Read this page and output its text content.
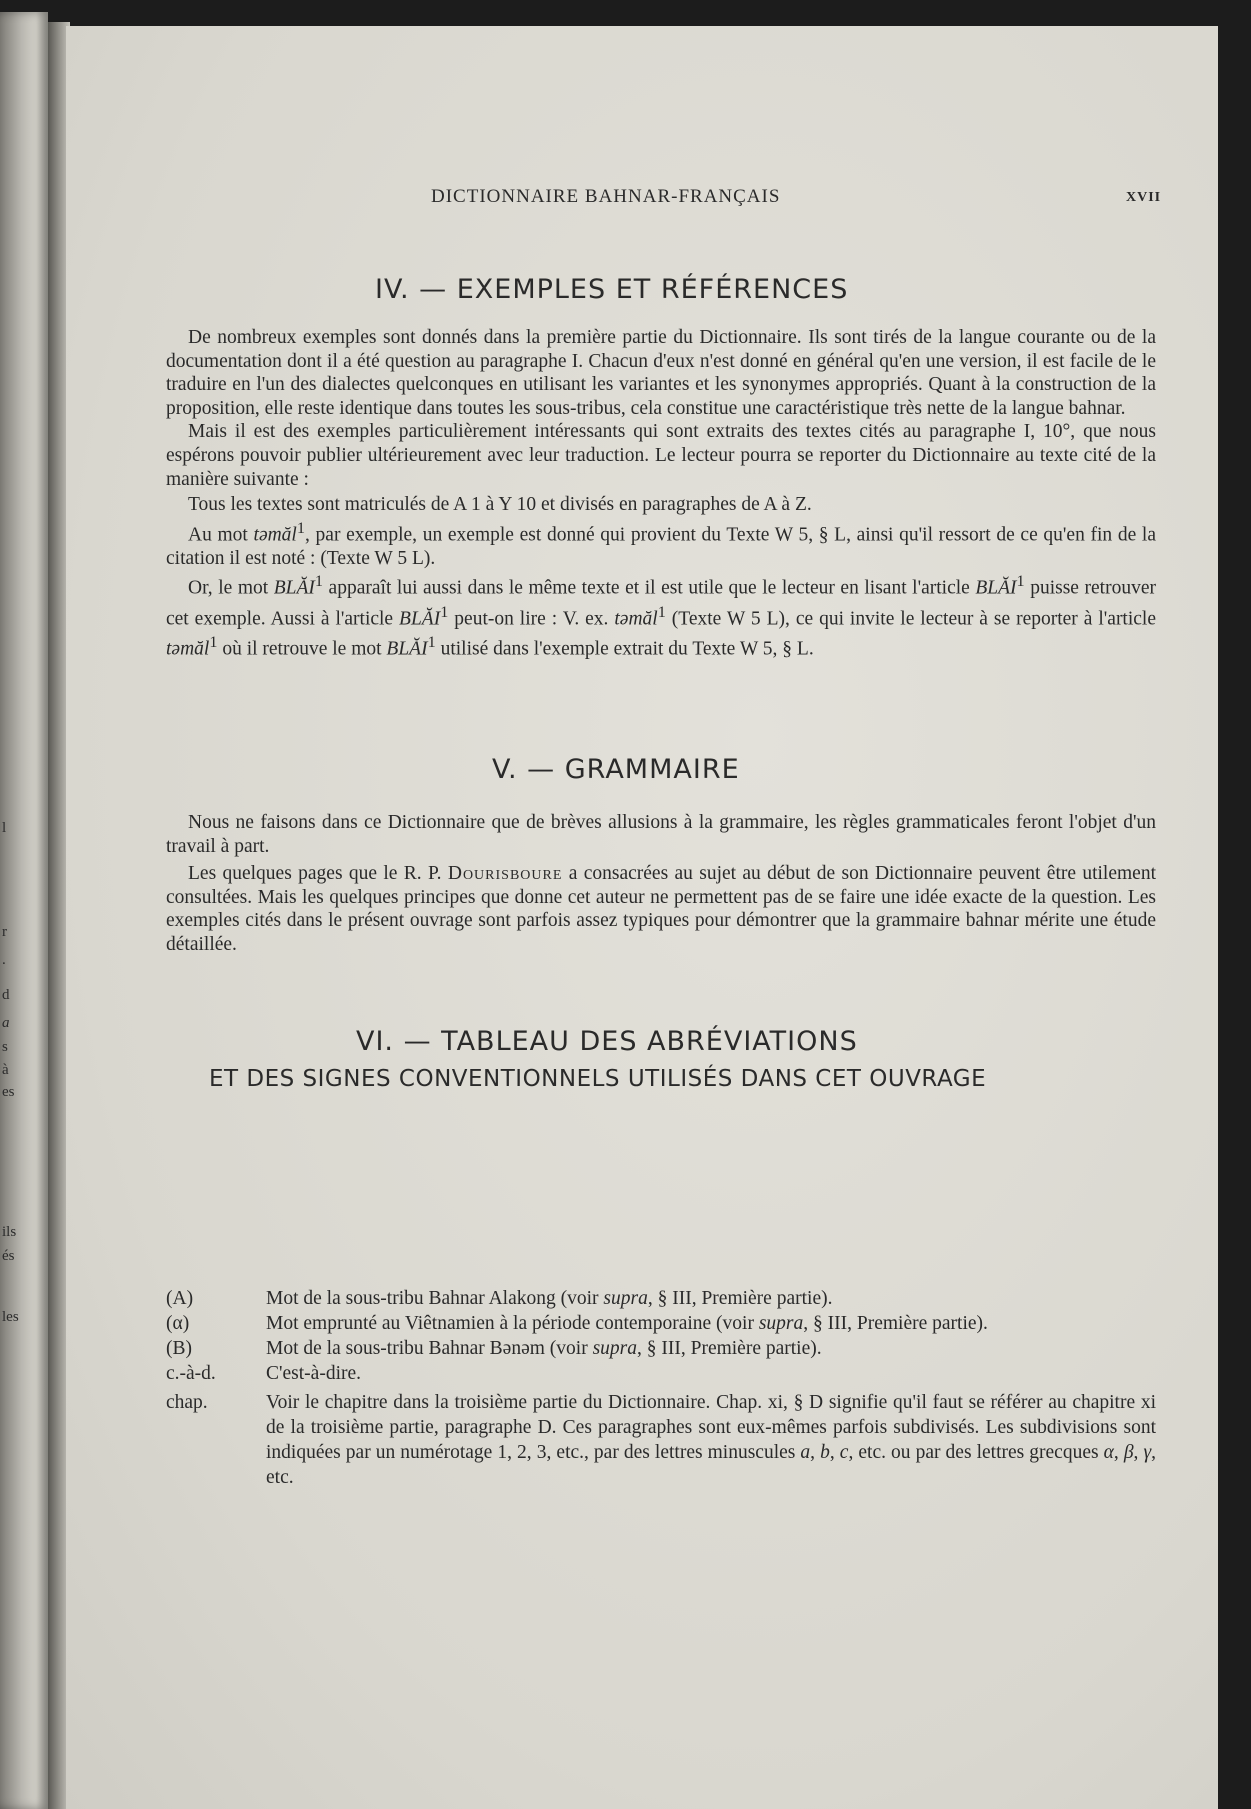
l
r
.
d
a
s
à
es
ils
és
les
DICTIONNAIRE BAHNAR-FRANÇAIS	XVII
IV. — EXEMPLES ET RÉFÉRENCES

De nombreux exemples sont donnés dans la première partie du Dictionnaire. Ils sont tirés de la langue courante ou de la documentation dont il a été question au paragraphe I. Chacun d'eux n'est donné en général qu'en une version, il est facile de le traduire en l'un des dialectes quelconques en utilisant les variantes et les synonymes appropriés. Quant à la construction de la proposition, elle reste identique dans toutes les sous-tribus, cela constitue une caractéristique très nette de la langue bahnar.

Mais il est des exemples particulièrement intéressants qui sont extraits des textes cités au paragraphe I, 10°, que nous espérons pouvoir publier ultérieurement avec leur traduction. Le lecteur pourra se reporter du Dictionnaire au texte cité de la manière suivante :

Tous les textes sont matriculés de A 1 à Y 10 et divisés en paragraphes de A à Z.

Au mot təmăl$^1$, par exemple, un exemple est donné qui provient du Texte W 5, § L, ainsi qu'il ressort de ce qu'en fin de la citation il est noté : (Texte W 5 L).

Or, le mot BLĂI$^1$ apparaît lui aussi dans le même texte et il est utile que le lecteur en lisant l'article BLĂI$^1$ puisse retrouver cet exemple. Aussi à l'article BLĂI$^1$ peut-on lire : V. ex. təmăl$^1$ (Texte W 5 L), ce qui invite le lecteur à se reporter à l'article təmăl$^1$ où il retrouve le mot BLĂI$^1$ utilisé dans l'exemple extrait du Texte W 5, § L.

V. — GRAMMAIRE

Nous ne faisons dans ce Dictionnaire que de brèves allusions à la grammaire, les règles grammaticales feront l'objet d'un travail à part.

Les quelques pages que le R. P. Dourisboure a consacrées au sujet au début de son Dictionnaire peuvent être utilement consultées. Mais les quelques principes que donne cet auteur ne permettent pas de se faire une idée exacte de la question. Les exemples cités dans le présent ouvrage sont parfois assez typiques pour démontrer que la grammaire bahnar mérite une étude détaillée.

VI. — TABLEAU DES ABRÉVIATIONS
ET DES SIGNES CONVENTIONNELS UTILISÉS DANS CET OUVRAGE
(A)	Mot de la sous-tribu Bahnar Alakong (voir supra, § III, Première partie).
(α)	Mot emprunté au Viêtnamien à la période contemporaine (voir supra, § III, Première partie).
(B)	Mot de la sous-tribu Bahnar Bənəm (voir supra, § III, Première partie).
c.-à-d.	C'est-à-dire.
chap.	Voir le chapitre dans la troisième partie du Dictionnaire. Chap. xi, § D signifie qu'il faut se référer au chapitre xi de la troisième partie, paragraphe D. Ces paragraphes sont eux-mêmes parfois subdivisés. Les subdivisions sont indiquées par un numérotage 1, 2, 3, etc., par des lettres minuscules a, b, c, etc. ou par des lettres grecques α, β, γ, etc.
